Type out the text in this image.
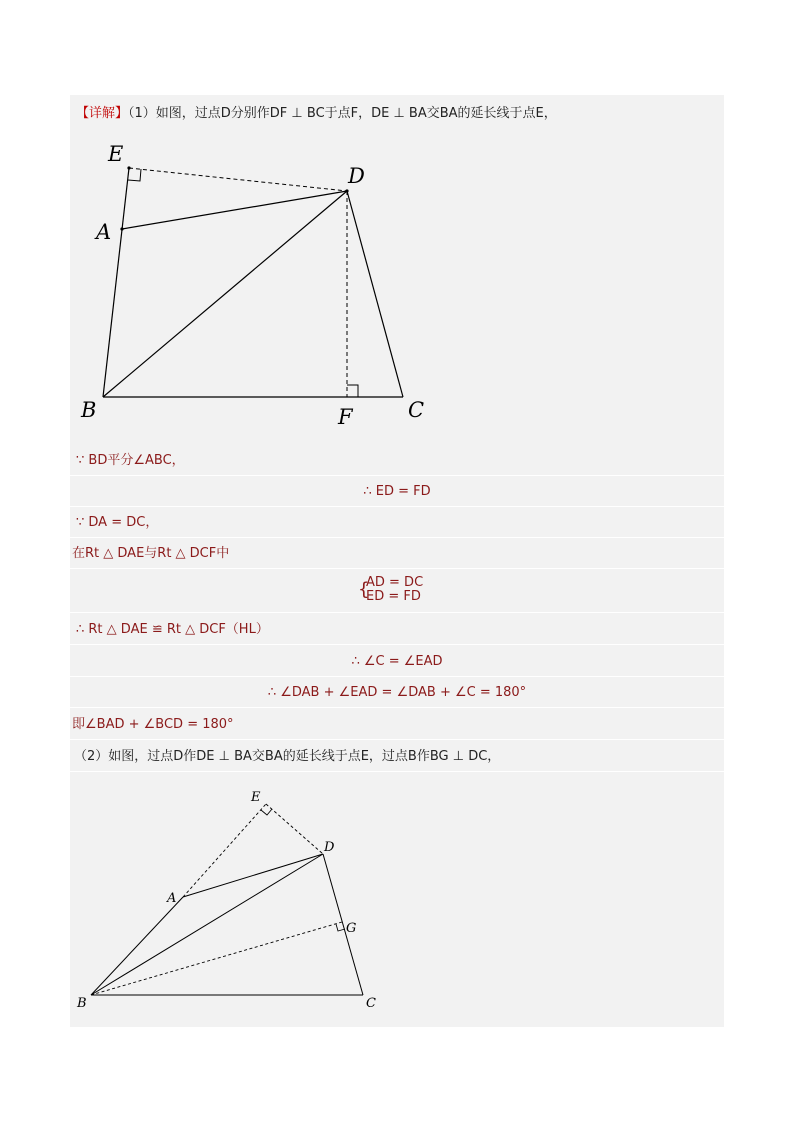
【详解】（1）如图，过点D分别作DF ⊥ BC于点F，DE ⊥ BA交BA的延长线于点E，
E
D
A
B	F	C
∵ BD平分∠ABC，
∴ ED = FD
∵ DA = DC，
在Rt △ DAE与Rt △ DCF中
{
AD = DC
ED = FD
∴ Rt △ DAE ≌ Rt △ DCF（HL）
∴ ∠C = ∠EAD
∴ ∠DAB + ∠EAD = ∠DAB + ∠C = 180°
即∠BAD + ∠BCD = 180°
（2）如图，过点D作DE ⊥ BA交BA的延长线于点E，过点B作BG ⊥ DC，
E
D
A
G
B	C
